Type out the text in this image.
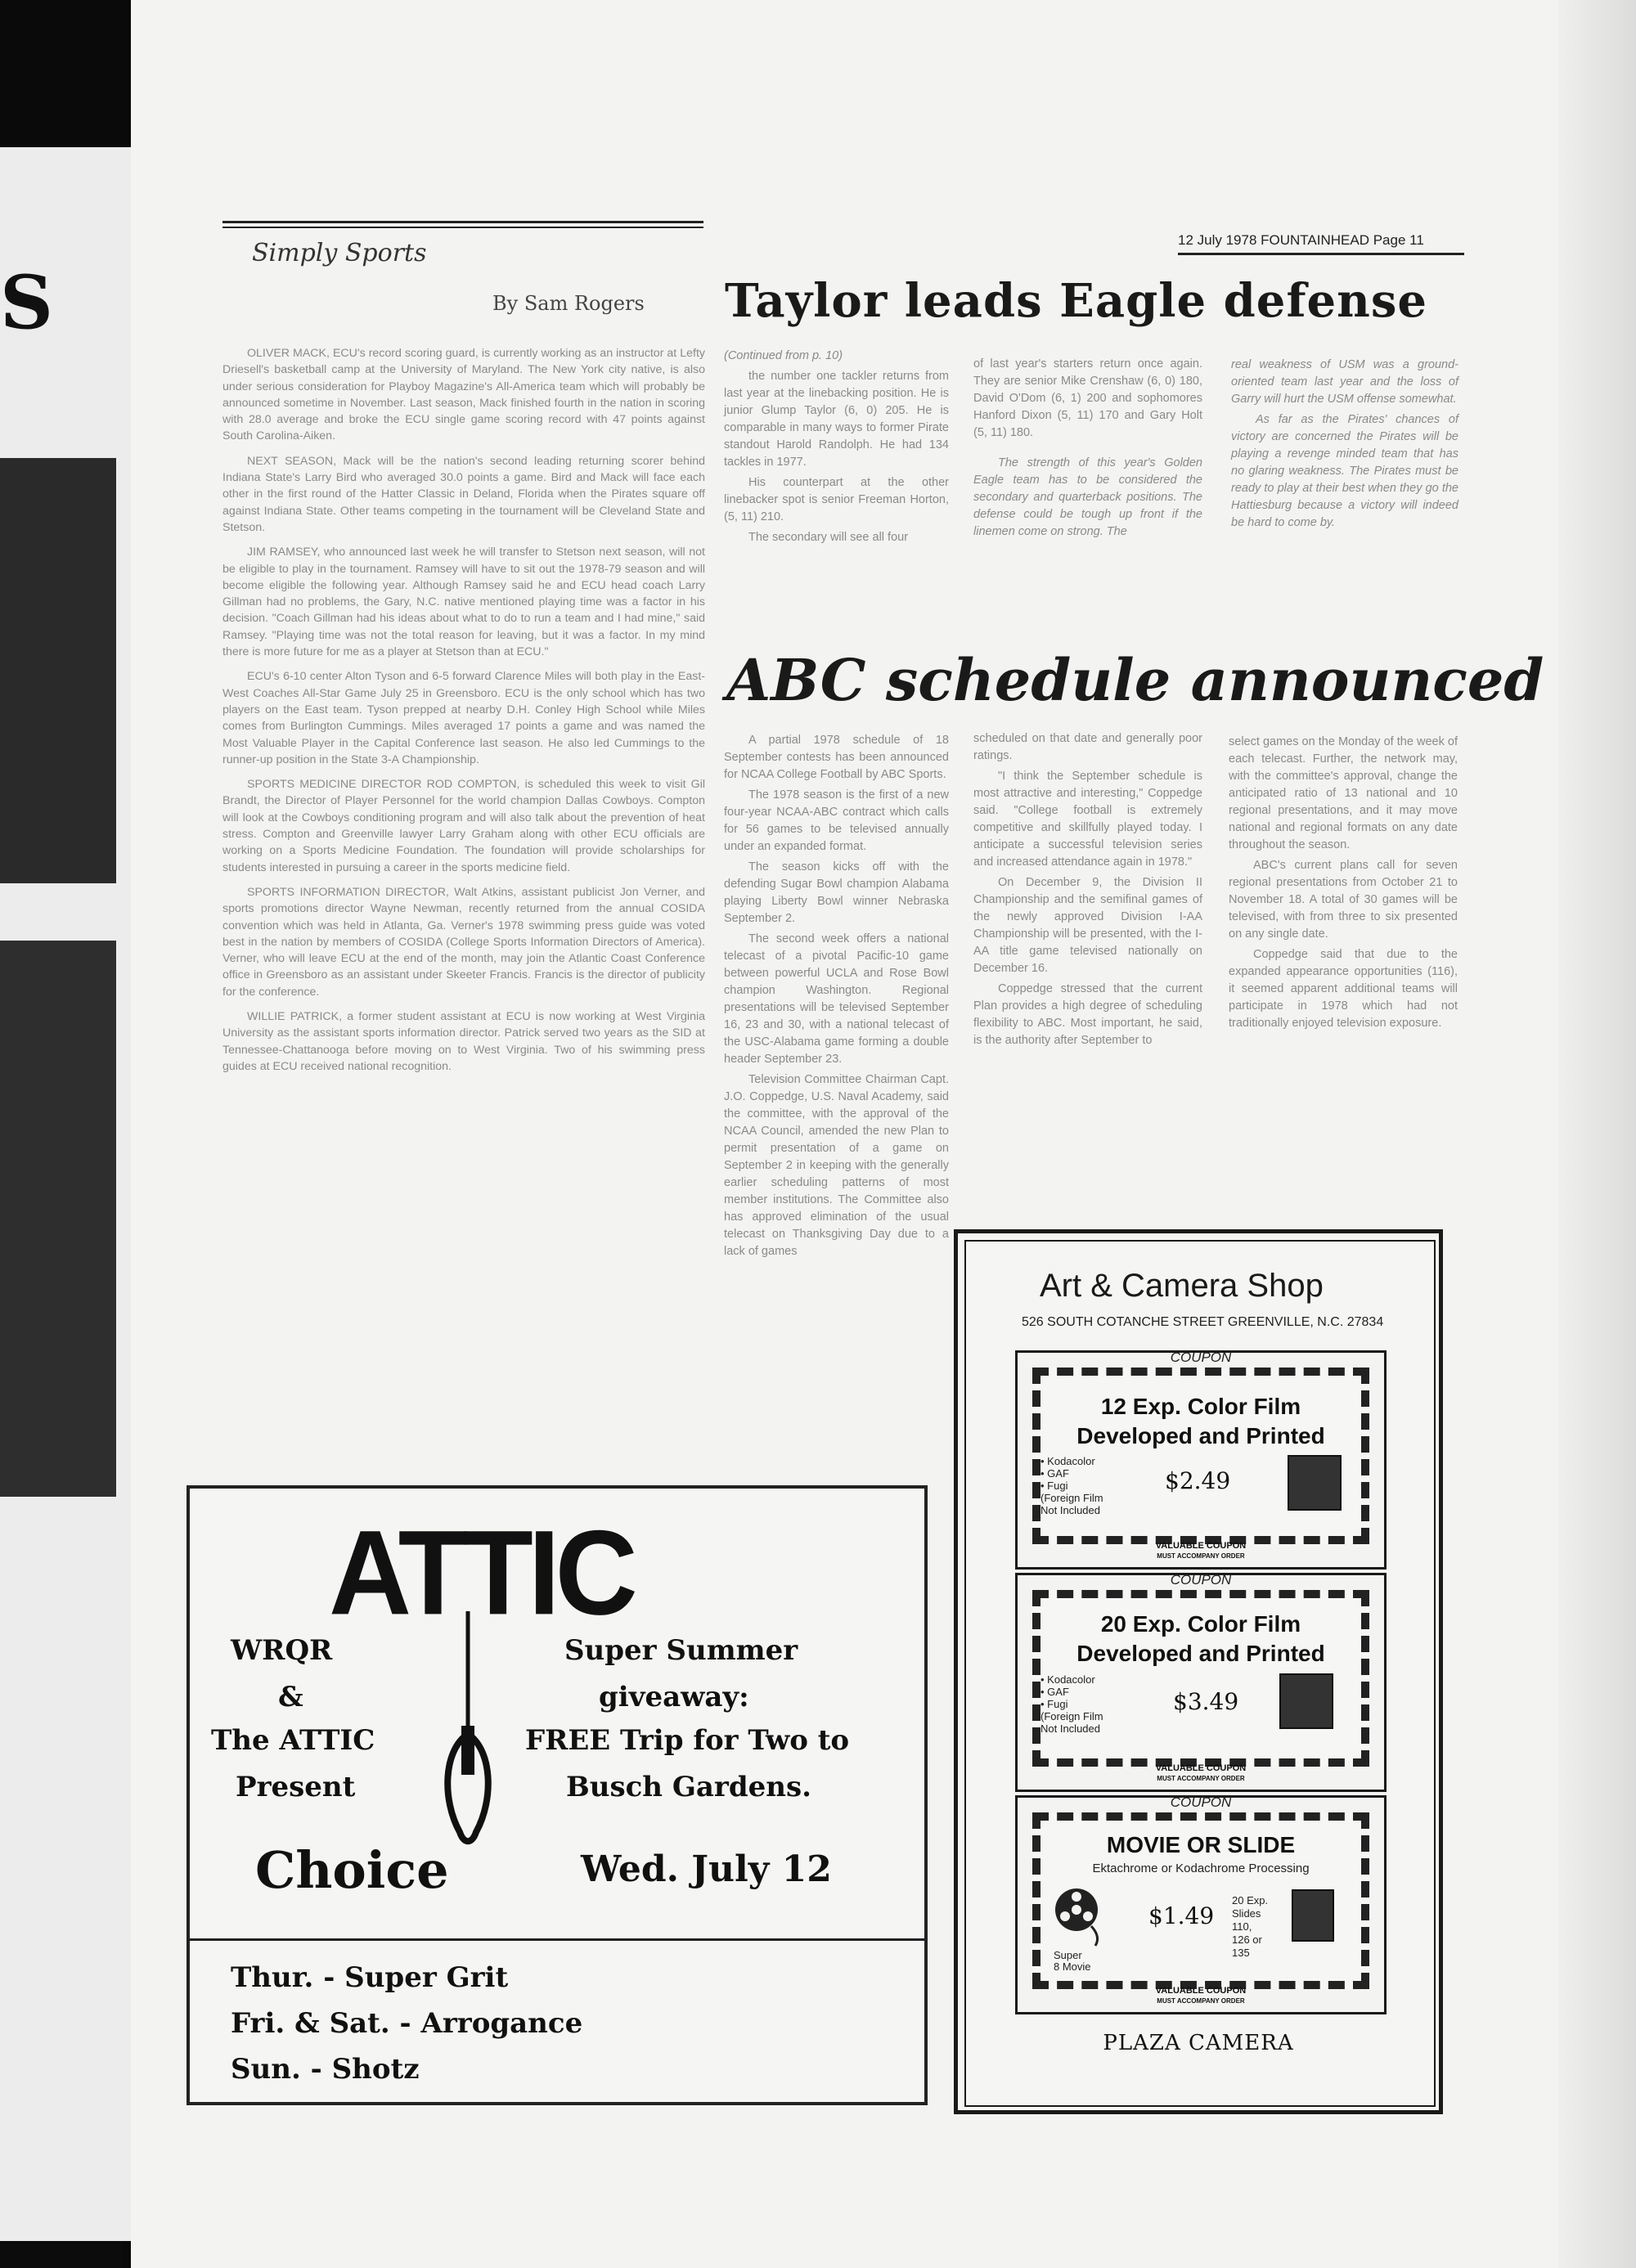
S
12 July 1978 FOUNTAINHEAD Page 11
Simply Sports
By Sam Rogers

OLIVER MACK, ECU's record scoring guard, is currently working as an instructor at Lefty Driesell's basketball camp at the University of Maryland. The New York city native, is also under serious consideration for Playboy Magazine's All-America team which will probably be announced sometime in November. Last season, Mack finished fourth in the nation in scoring with 28.0 average and broke the ECU single game scoring record with 47 points against South Carolina-Aiken.

NEXT SEASON, Mack will be the nation's second leading returning scorer behind Indiana State's Larry Bird who averaged 30.0 points a game. Bird and Mack will face each other in the first round of the Hatter Classic in Deland, Florida when the Pirates square off against Indiana State. Other teams competing in the tournament will be Cleveland State and Stetson.

JIM RAMSEY, who announced last week he will transfer to Stetson next season, will not be eligible to play in the tournament. Ramsey will have to sit out the 1978-79 season and will become eligible the following year. Although Ramsey said he and ECU head coach Larry Gillman had no problems, the Gary, N.C. native mentioned playing time was a factor in his decision. "Coach Gillman had his ideas about what to do to run a team and I had mine," said Ramsey. "Playing time was not the total reason for leaving, but it was a factor. In my mind there is more future for me as a player at Stetson than at ECU."

ECU's 6-10 center Alton Tyson and 6-5 forward Clarence Miles will both play in the East-West Coaches All-Star Game July 25 in Greensboro. ECU is the only school which has two players on the East team. Tyson prepped at nearby D.H. Conley High School while Miles comes from Burlington Cummings. Miles averaged 17 points a game and was named the Most Valuable Player in the Capital Conference last season. He also led Cummings to the runner-up position in the State 3-A Championship.

SPORTS MEDICINE DIRECTOR ROD COMPTON, is scheduled this week to visit Gil Brandt, the Director of Player Personnel for the world champion Dallas Cowboys. Compton will look at the Cowboys conditioning program and will also talk about the prevention of heat stress. Compton and Greenville lawyer Larry Graham along with other ECU officials are working on a Sports Medicine Foundation. The foundation will provide scholarships for students interested in pursuing a career in the sports medicine field.

SPORTS INFORMATION DIRECTOR, Walt Atkins, assistant publicist Jon Verner, and sports promotions director Wayne Newman, recently returned from the annual COSIDA convention which was held in Atlanta, Ga. Verner's 1978 swimming press guide was voted best in the nation by members of COSIDA (College Sports Information Directors of America). Verner, who will leave ECU at the end of the month, may join the Atlantic Coast Conference office in Greensboro as an assistant under Skeeter Francis. Francis is the director of publicity for the conference.

WILLIE PATRICK, a former student assistant at ECU is now working at West Virginia University as the assistant sports information director. Patrick served two years as the SID at Tennessee-Chattanooga before moving on to West Virginia. Two of his swimming press guides at ECU received national recognition.

Taylor leads Eagle defense

(Continued from p. 10)

the number one tackler returns from last year at the linebacking position. He is junior Glump Taylor (6, 0) 205. He is comparable in many ways to former Pirate standout Harold Randolph. He had 134 tackles in 1977.

His counterpart at the other linebacker spot is senior Freeman Horton, (5, 11) 210.

The secondary will see all four

of last year's starters return once again. They are senior Mike Crenshaw (6, 0) 180, David O'Dom (6, 1) 200 and sophomores Hanford Dixon (5, 11) 170 and Gary Holt (5, 11) 180.

The strength of this year's Golden Eagle team has to be considered the secondary and quarterback positions. The defense could be tough up front if the linemen come on strong. The

real weakness of USM was a ground-oriented team last year and the loss of Garry will hurt the USM offense somewhat.

As far as the Pirates' chances of victory are concerned the Pirates will be playing a revenge minded team that has no glaring weakness. The Pirates must be ready to play at their best when they go the Hattiesburg because a victory will indeed be hard to come by.

ABC schedule announced

A partial 1978 schedule of 18 September contests has been announced for NCAA College Football by ABC Sports.

The 1978 season is the first of a new four-year NCAA-ABC contract which calls for 56 games to be televised annually under an expanded format.

The season kicks off with the defending Sugar Bowl champion Alabama playing Liberty Bowl winner Nebraska September 2.

The second week offers a national telecast of a pivotal Pacific-10 game between powerful UCLA and Rose Bowl champion Washington. Regional presentations will be televised September 16, 23 and 30, with a national telecast of the USC-Alabama game forming a double header September 23.

Television Committee Chairman Capt. J.O. Coppedge, U.S. Naval Academy, said the committee, with the approval of the NCAA Council, amended the new Plan to permit presentation of a game on September 2 in keeping with the generally earlier scheduling patterns of most member institutions. The Committee also has approved elimination of the usual telecast on Thanksgiving Day due to a lack of games

scheduled on that date and generally poor ratings.

"I think the September schedule is most attractive and interesting," Coppedge said. "College football is extremely competitive and skillfully played today. I anticipate a successful television series and increased attendance again in 1978."

On December 9, the Division II Championship and the semifinal games of the newly approved Division I-AA Championship will be presented, with the I-AA title game televised nationally on December 16.

Coppedge stressed that the current Plan provides a high degree of scheduling flexibility to ABC. Most important, he said, is the authority after September to

select games on the Monday of the week of each telecast. Further, the network may, with the committee's approval, change the anticipated ratio of 13 national and 10 regional presentations, and it may move national and regional formats on any date throughout the season.

ABC's current plans call for seven regional presentations from October 21 to November 18. A total of 30 games will be televised, with from three to six presented on any single date.

Coppedge said that due to the expanded appearance opportunities (116), it seemed apparent additional teams will participate in 1978 which had not traditionally enjoyed television exposure.

ATTIC
WRQR
&
The ATTIC
Present
Super Summer
giveaway:
FREE Trip for Two to
Busch Gardens.
Choice	Wed. July 12
Thur. - Super Grit
Fri. & Sat. - Arrogance
Sun. - Shotz
Art & Camera Shop
526 SOUTH COTANCHE STREET GREENVILLE, N.C. 27834
COUPON
12 Exp. Color Film
Developed and Printed
• Kodacolor
• GAF
• Fugi
(Foreign Film
Not Included
$2.49
VALUABLE COUPON
MUST ACCOMPANY ORDER
COUPON
20 Exp. Color Film
Developed and Printed
• Kodacolor
• GAF
• Fugi
(Foreign Film
Not Included
$3.49
VALUABLE COUPON
MUST ACCOMPANY ORDER
COUPON
MOVIE OR SLIDE
Ektachrome or Kodachrome Processing
Super
8 Movie
$1.49
20 Exp.
Slides
110,
126 or
135
VALUABLE COUPON
MUST ACCOMPANY ORDER
PLAZA CAMERA
